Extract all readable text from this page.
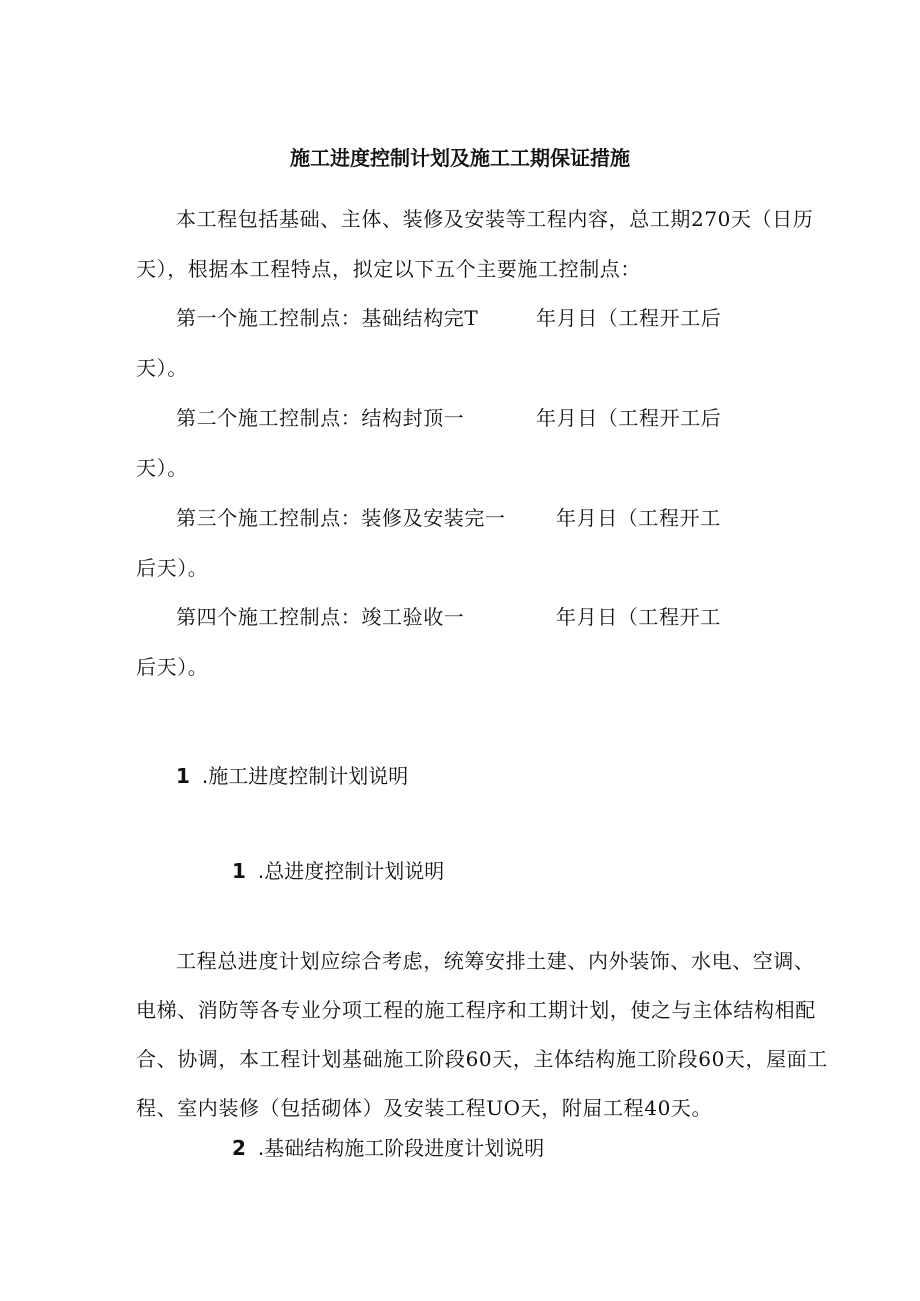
施工进度控制计划及施工工期保证措施
本工程包括基础、主体、装修及安装等工程内容，总工期270天（日历
天），根据本工程特点，拟定以下五个主要施工控制点：
第一个施工控制点：基础结构完T	年月日（工程开工后
天）。
第二个施工控制点：结构封顶一	年月日（工程开工后
天）。
第三个施工控制点：装修及安装完一	年月日（工程开工
后天）。
第四个施工控制点：竣工验收一	年月日（工程开工
后天）。
1 .施工进度控制计划说明
1 .总进度控制计划说明
工程总进度计划应综合考虑，统筹安排土建、内外装饰、水电、空调、
电梯、消防等各专业分项工程的施工程序和工期计划，使之与主体结构相配
合、协调，本工程计划基础施工阶段60天，主体结构施工阶段60天，屋面工
程、室内装修（包括砌体）及安装工程UO天，附屇工程40天。
2 .基础结构施工阶段进度计划说明
